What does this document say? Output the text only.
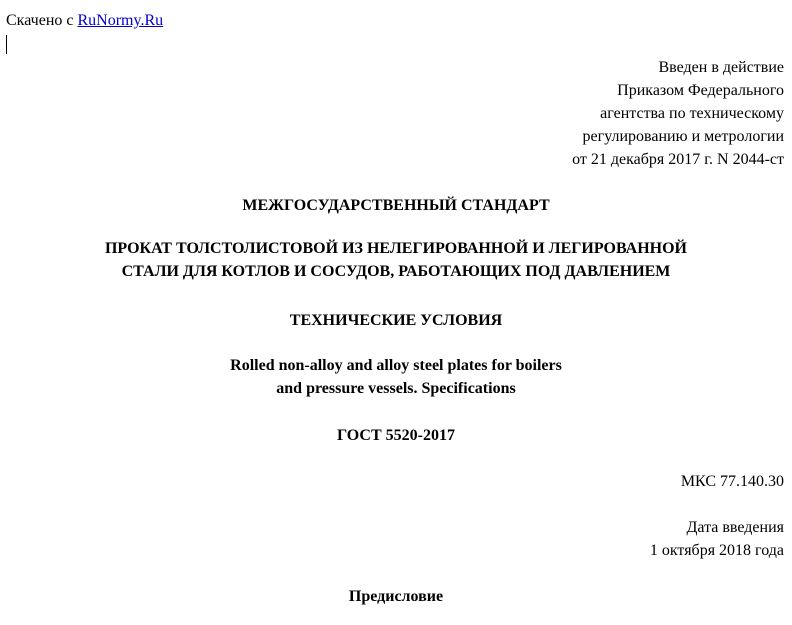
Скачено с RuNormy.Ru
Введен в действие
Приказом Федерального
агентства по техническому
регулированию и метрологии
от 21 декабря 2017 г. N 2044-ст
МЕЖГОСУДАРСТВЕННЫЙ СТАНДАРТ
ПРОКАТ ТОЛСТОЛИСТОВОЙ ИЗ НЕЛЕГИРОВАННОЙ И ЛЕГИРОВАННОЙ
СТАЛИ ДЛЯ КОТЛОВ И СОСУДОВ, РАБОТАЮЩИХ ПОД ДАВЛЕНИЕМ
ТЕХНИЧЕСКИЕ УСЛОВИЯ
Rolled non-alloy and alloy steel plates for boilers
and pressure vessels. Specifications
ГОСТ 5520-2017
МКС 77.140.30
Дата введения
1 октября 2018 года
Предисловие
